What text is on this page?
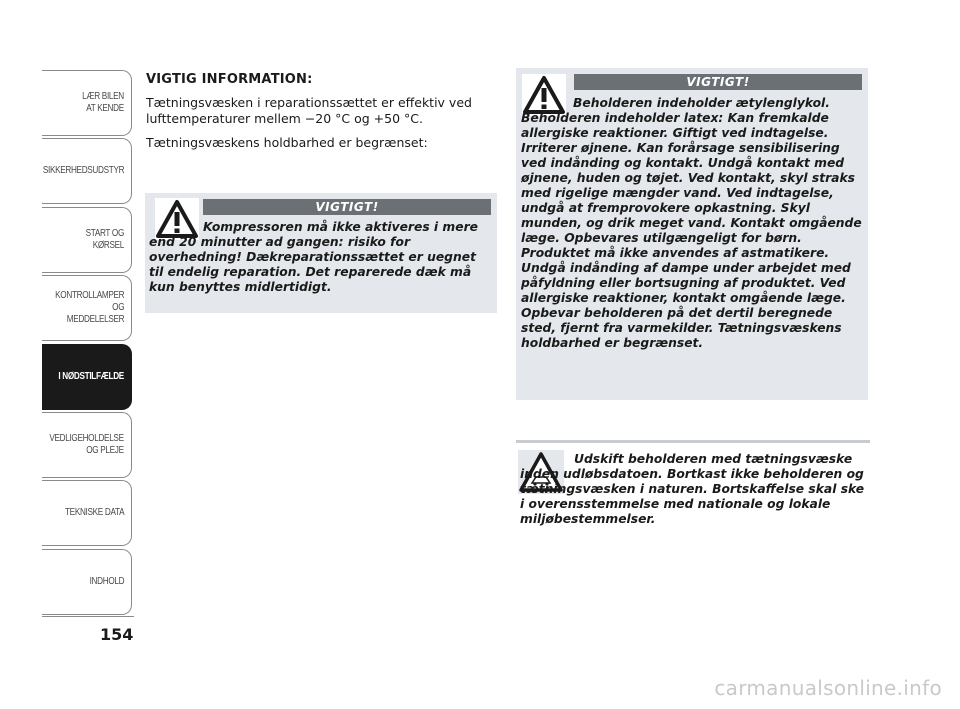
LÆR BILEN
AT KENDE
SIKKERHEDSUDSTYR
START OG KØRSEL
KONTROLLAMPER
OG MEDDELELSER
I NØDSTILFÆLDE
VEDLIGEHOLDELSE
OG PLEJE
TEKNISKE DATA
INDHOLD
154
VIGTIG INFORMATION:
Tætningsvæsken i reparationssættet er effektiv ved lufttemperaturer mellem −20 °C og +50 °C.
Tætningsvæskens holdbarhed er begrænset:
VIGTIGT!
Kompressoren må ikke aktiveres i mere end 20 minutter ad gangen: risiko for overhedning! Dækreparationssættet er uegnet til endelig reparation. Det reparerede dæk må kun benyttes midlertidigt.
VIGTIGT!
Beholderen indeholder ætylenglykol. Beholderen indeholder latex: Kan fremkalde allergiske reaktioner. Giftigt ved indtagelse. Irriterer øjnene. Kan forårsage sensibilisering ved indånding og kontakt. Undgå kontakt med øjnene, huden og tøjet. Ved kontakt, skyl straks med rigelige mængder vand. Ved indtagelse, undgå at fremprovokere opkastning. Skyl munden, og drik meget vand. Kontakt omgående læge. Opbevares utilgængeligt for børn. Produktet må ikke anvendes af astmatikere. Undgå indånding af dampe under arbejdet med påfyldning eller bortsugning af produktet. Ved allergiske reaktioner, kontakt omgående læge. Opbevar beholderen på det dertil beregnede sted, fjernt fra varmekilder. Tætningsvæskens holdbarhed er begrænset.
Udskift beholderen med tætningsvæske inden udløbsdatoen. Bortkast ikke beholderen og tætningsvæsken i naturen. Bortskaffelse skal ske i overensstemmelse med nationale og lokale miljøbestemmelser.
carmanualsonline.info
